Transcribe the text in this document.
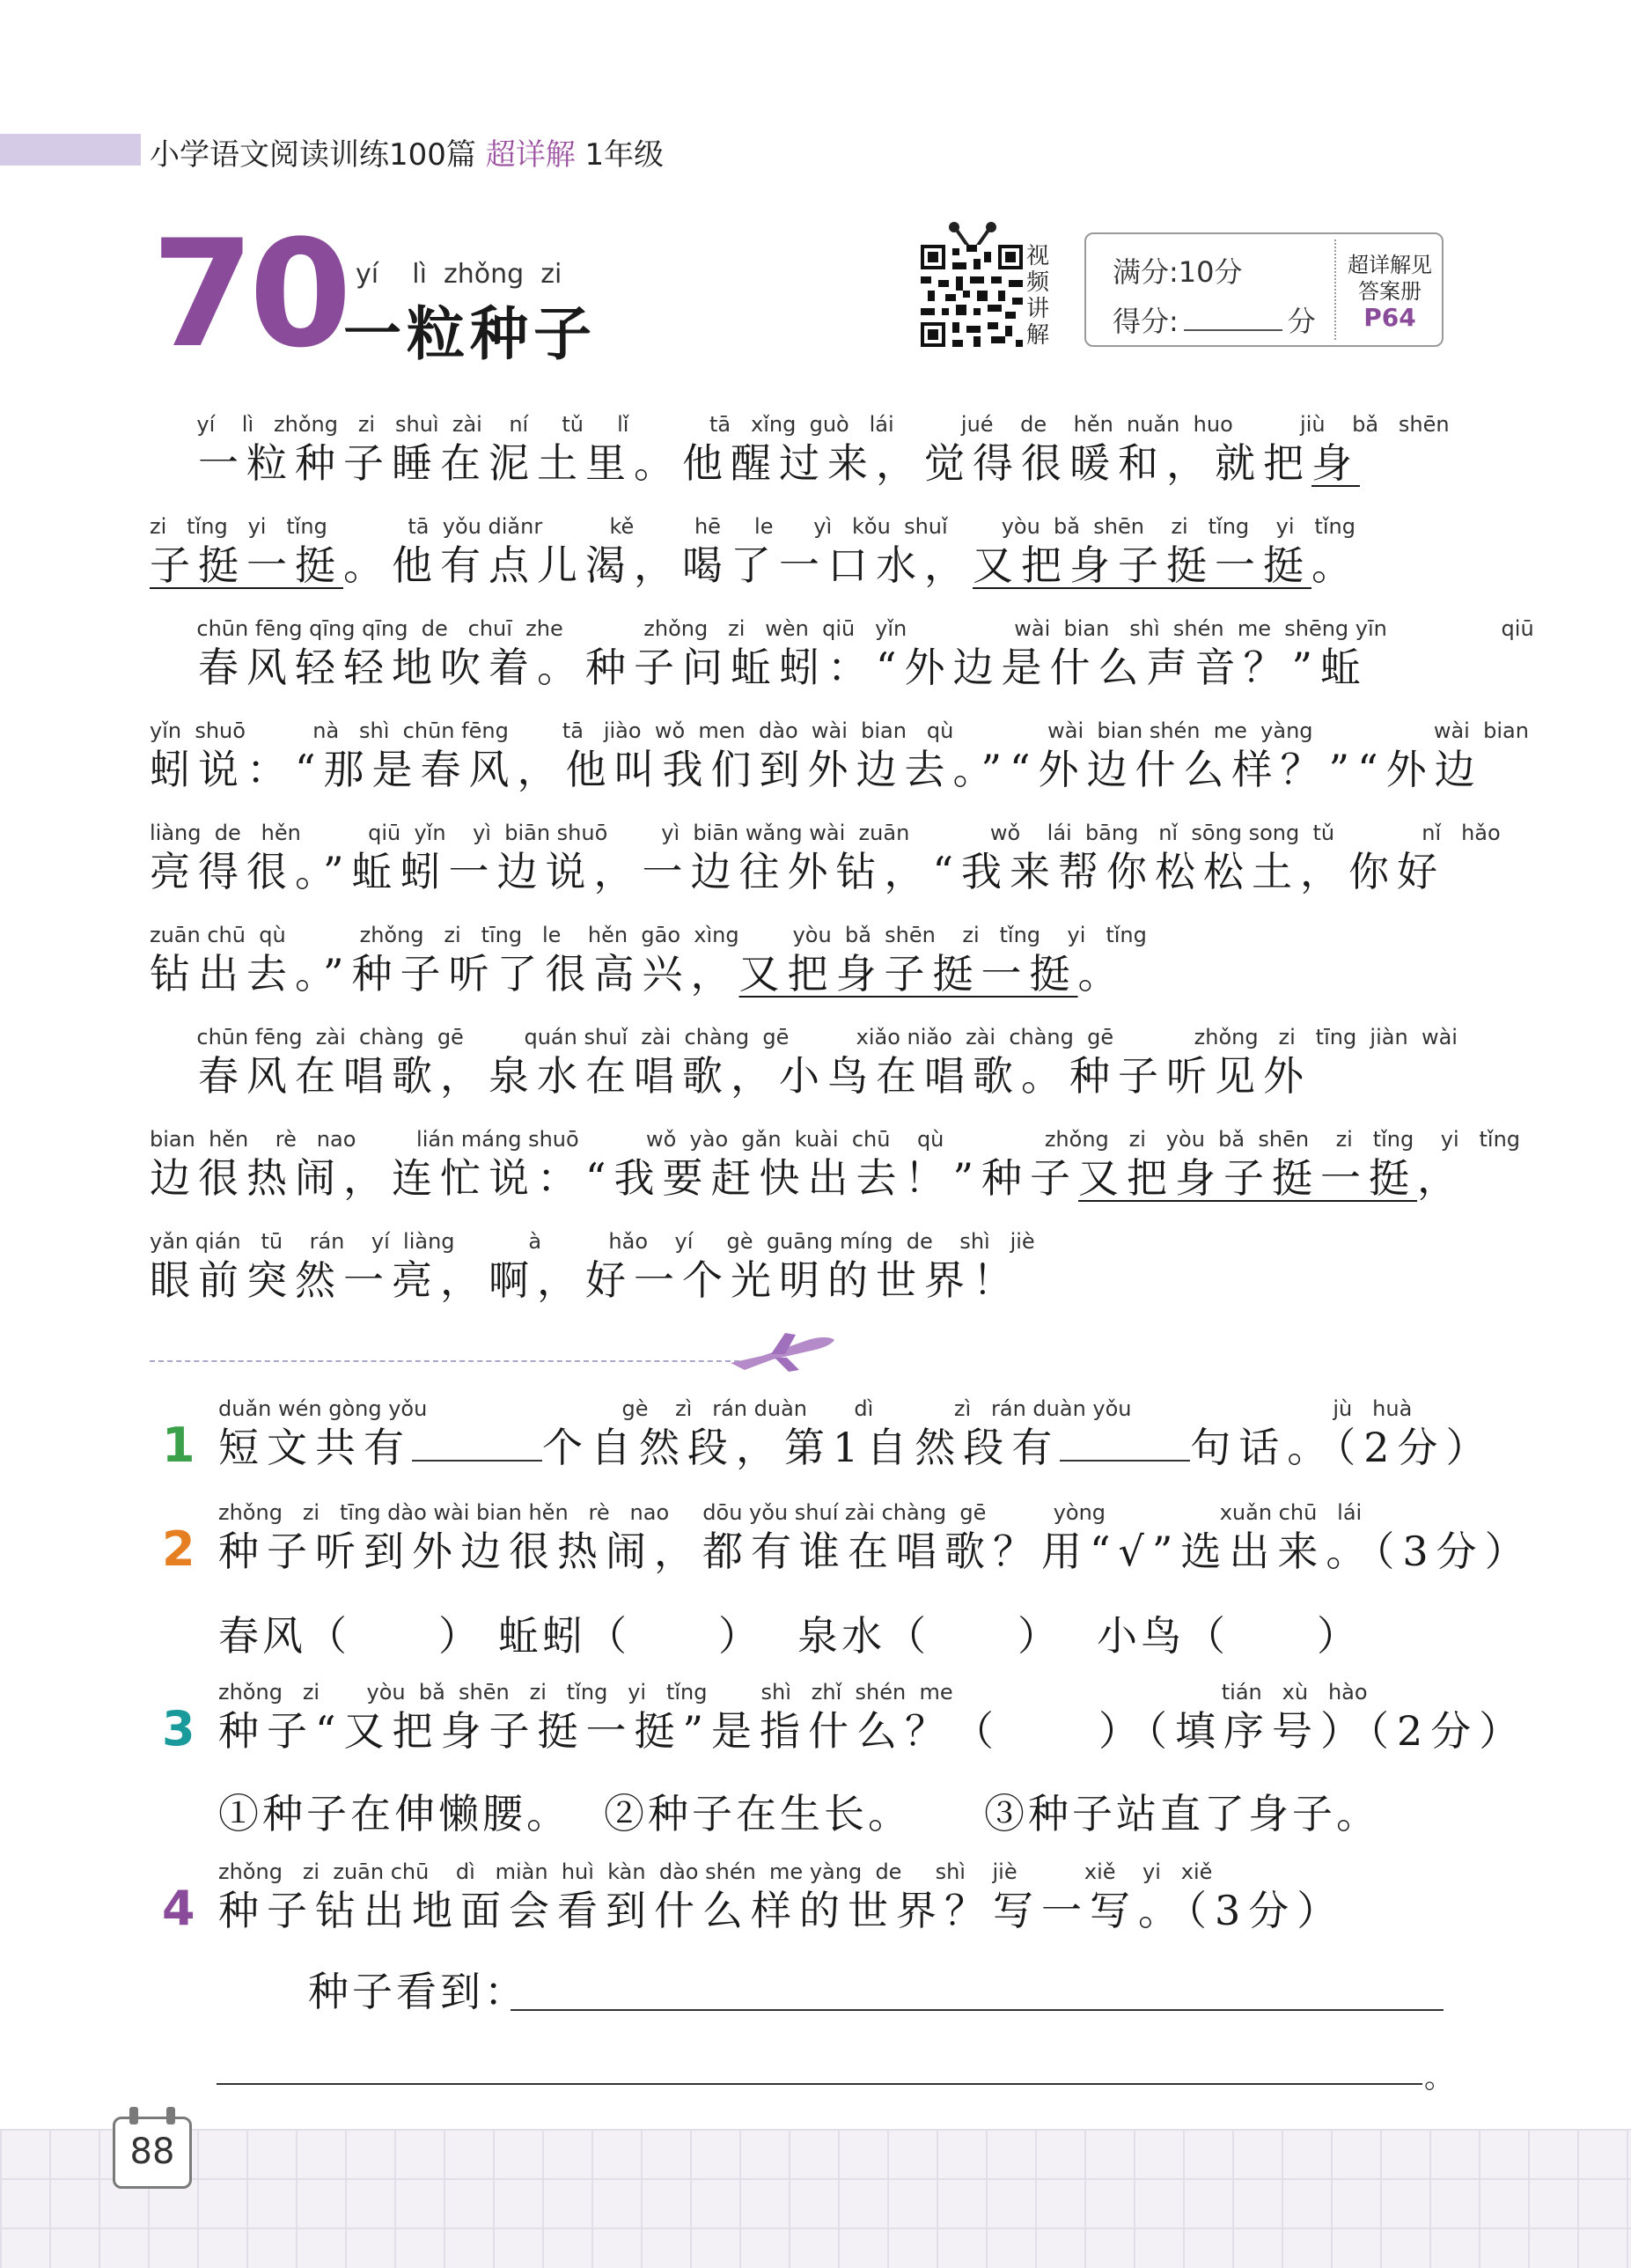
小学语文阅读训练100篇 超详解 1年级
70 yí    lì  zhǒng  zi
一粒种子
视频讲解
满分:10分
得分:	分
超详解见
答案册
P64
yí    lì   zhǒng   zi   shuì  zài    ní     tǔ     lǐ            tā   xǐng  guò   lái          jué    de    hěn  nuǎn  huo          jiù    bǎ   shēn
　一粒种子睡在泥土里。他醒过来，觉得很暖和，就把身
zi   tǐng   yi   tǐng            tā  yǒu diǎnr          kě         hē     le      yì   kǒu  shuǐ        yòu  bǎ  shēn    zi   tǐng    yi   tǐng
子挺一挺。他有点儿渴，喝了一口水，又把身子挺一挺。
chūn fēng qīng qīng  de   chuī  zhe            zhǒng   zi   wèn  qiū   yǐn                wài  bian   shì  shén  me  shēng yīn                 qiū
　春风轻轻地吹着。种子问蚯蚓：“外边是什么声音？”蚯
yǐn  shuō          nà   shì  chūn fēng        tā   jiào  wǒ  men  dào  wài  bian   qù              wài  bian shén  me  yàng                  wài  bian
蚓说：“那是春风，他叫我们到外边去。”“外边什么样？”“外边
liàng  de   hěn          qiū  yǐn    yì  biān shuō        yì  biān wǎng wài  zuān            wǒ    lái  bāng   nǐ  sōng song  tǔ             nǐ   hǎo
亮得很。”蚯蚓一边说，一边往外钻，“我来帮你松松土，你好
zuān chū  qù           zhǒng   zi   tīng   le    hěn  gāo  xìng        yòu  bǎ  shēn    zi   tǐng    yi   tǐng
钻出去。”种子听了很高兴，又把身子挺一挺。
chūn fēng  zài  chàng  gē         quán shuǐ  zài  chàng  gē          xiǎo niǎo  zài  chàng  gē            zhǒng   zi   tīng  jiàn  wài
　春风在唱歌，泉水在唱歌，小鸟在唱歌。种子听见外
bian  hěn    rè   nao         lián máng shuō          wǒ  yào  gǎn  kuài  chū    qù               zhǒng   zi   yòu  bǎ  shēn    zi   tǐng    yi   tǐng
边很热闹，连忙说：“我要赶快出去！”种子又把身子挺一挺，
yǎn qián   tū    rán    yí  liàng           à          hǎo    yí     gè  guāng míng  de    shì   jiè
眼前突然一亮，啊，好一个光明的世界！
1
duǎn wén gòng yǒu                             gè    zì   rán duàn       dì            zì   rán duàn yǒu                              jù   huà
短文共有	个自然段，第1自然段有	句话。（2分）
2
zhǒng   zi   tīng dào wài bian hěn   rè   nao     dōu yǒu shuí zài chàng  gē          yòng                 xuǎn chū   lái
种子听到外边很热闹，都有谁在唱歌？用“√”选出来。（3分）
春风（　　） 蚯蚓（　　） 泉水（　　） 小鸟（　　）
3
zhǒng   zi       yòu  bǎ  shēn   zi   tǐng   yi   tǐng        shì   zhǐ  shén  me                                        tián   xù   hào
种子“又把身子挺一挺”是指什么？（　　）（填序号）（2分）
①种子在伸懒腰。 ②种子在生长。 ③种子站直了身子。
4
zhǒng   zi  zuān chū    dì   miàn  huì  kàn  dào shén  me yàng  de     shì    jiè          xiě    yi   xiě
种子钻出地面会看到什么样的世界？写一写。（3分）
种子看到：
。
88
